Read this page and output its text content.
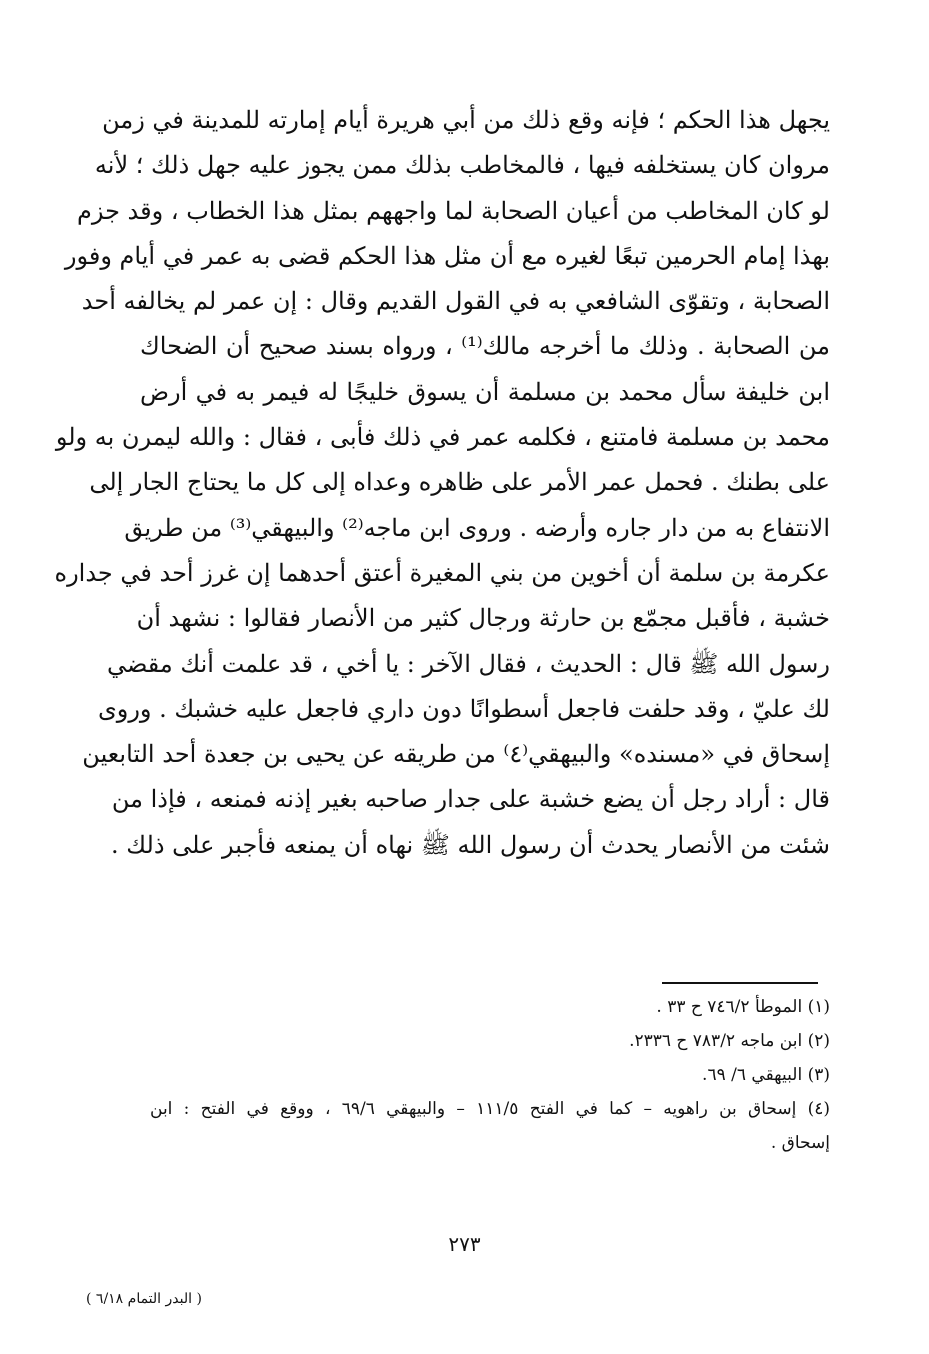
يجهل هذا الحكم ؛ فإنه وقع ذلك من أبي هريرة أيام إمارته للمدينة في زمن
مروان كان يستخلفه فيها ، فالمخاطب بذلك ممن يجوز عليه جهل ذلك ؛ لأنه
لو كان المخاطب من أعيان الصحابة لما واجههم بمثل هذا الخطاب ، وقد جزم
بهذا إمام الحرمين تبعًا لغيره مع أن مثل هذا الحكم قضى به عمر في أيام وفور
الصحابة ، وتقوّى الشافعي به في القول القديم وقال : إن عمر لم يخالفه أحد
من الصحابة . وذلك ما أخرجه مالك⁽¹⁾ ، ورواه بسند صحيح أن الضحاك
ابن خليفة سأل محمد بن مسلمة أن يسوق خليجًا له فيمر به في أرض
محمد بن مسلمة فامتنع ، فكلمه عمر في ذلك فأبى ، فقال : والله ليمرن به ولو
على بطنك . فحمل عمر الأمر على ظاهره وعداه إلى كل ما يحتاج الجار إلى
الانتفاع به من دار جاره وأرضه . وروى ابن ماجه⁽²⁾ والبيهقي⁽³⁾ من طريق
عكرمة بن سلمة أن أخوين من بني المغيرة أعتق أحدهما إن غرز أحد في جداره
خشبة ، فأقبل مجمّع بن حارثة ورجال كثير من الأنصار فقالوا : نشهد أن
رسول الله ﷺ قال : الحديث ، فقال الآخر : يا أخي ، قد علمت أنك مقضي
لك عليّ ، وقد حلفت فاجعل أسطوانًا دون داري فاجعل عليه خشبك . وروى
إسحاق في «مسنده» والبيهقي⁽٤⁾ من طريقه عن يحيى بن جعدة أحد التابعين
قال : أراد رجل أن يضع خشبة على جدار صاحبه بغير إذنه فمنعه ، فإذا من
شئت من الأنصار يحدث أن رسول الله ﷺ نهاه أن يمنعه فأجبر على ذلك .
(١) الموطأ ٧٤٦/٢ ح ٣٣ .
(٢) ابن ماجه ٧٨٣/٢ ح ٢٣٣٦.
(٣) البيهقي ٦/ ٦٩.
(٤) إسحاق بن راهويه – كما في الفتح ١١١/٥ – والبيهقي ٦٩/٦ ، ووقع في الفتح : ابن
إسحاق .
٢٧٣
( البدر التمام ٦/١٨ )
